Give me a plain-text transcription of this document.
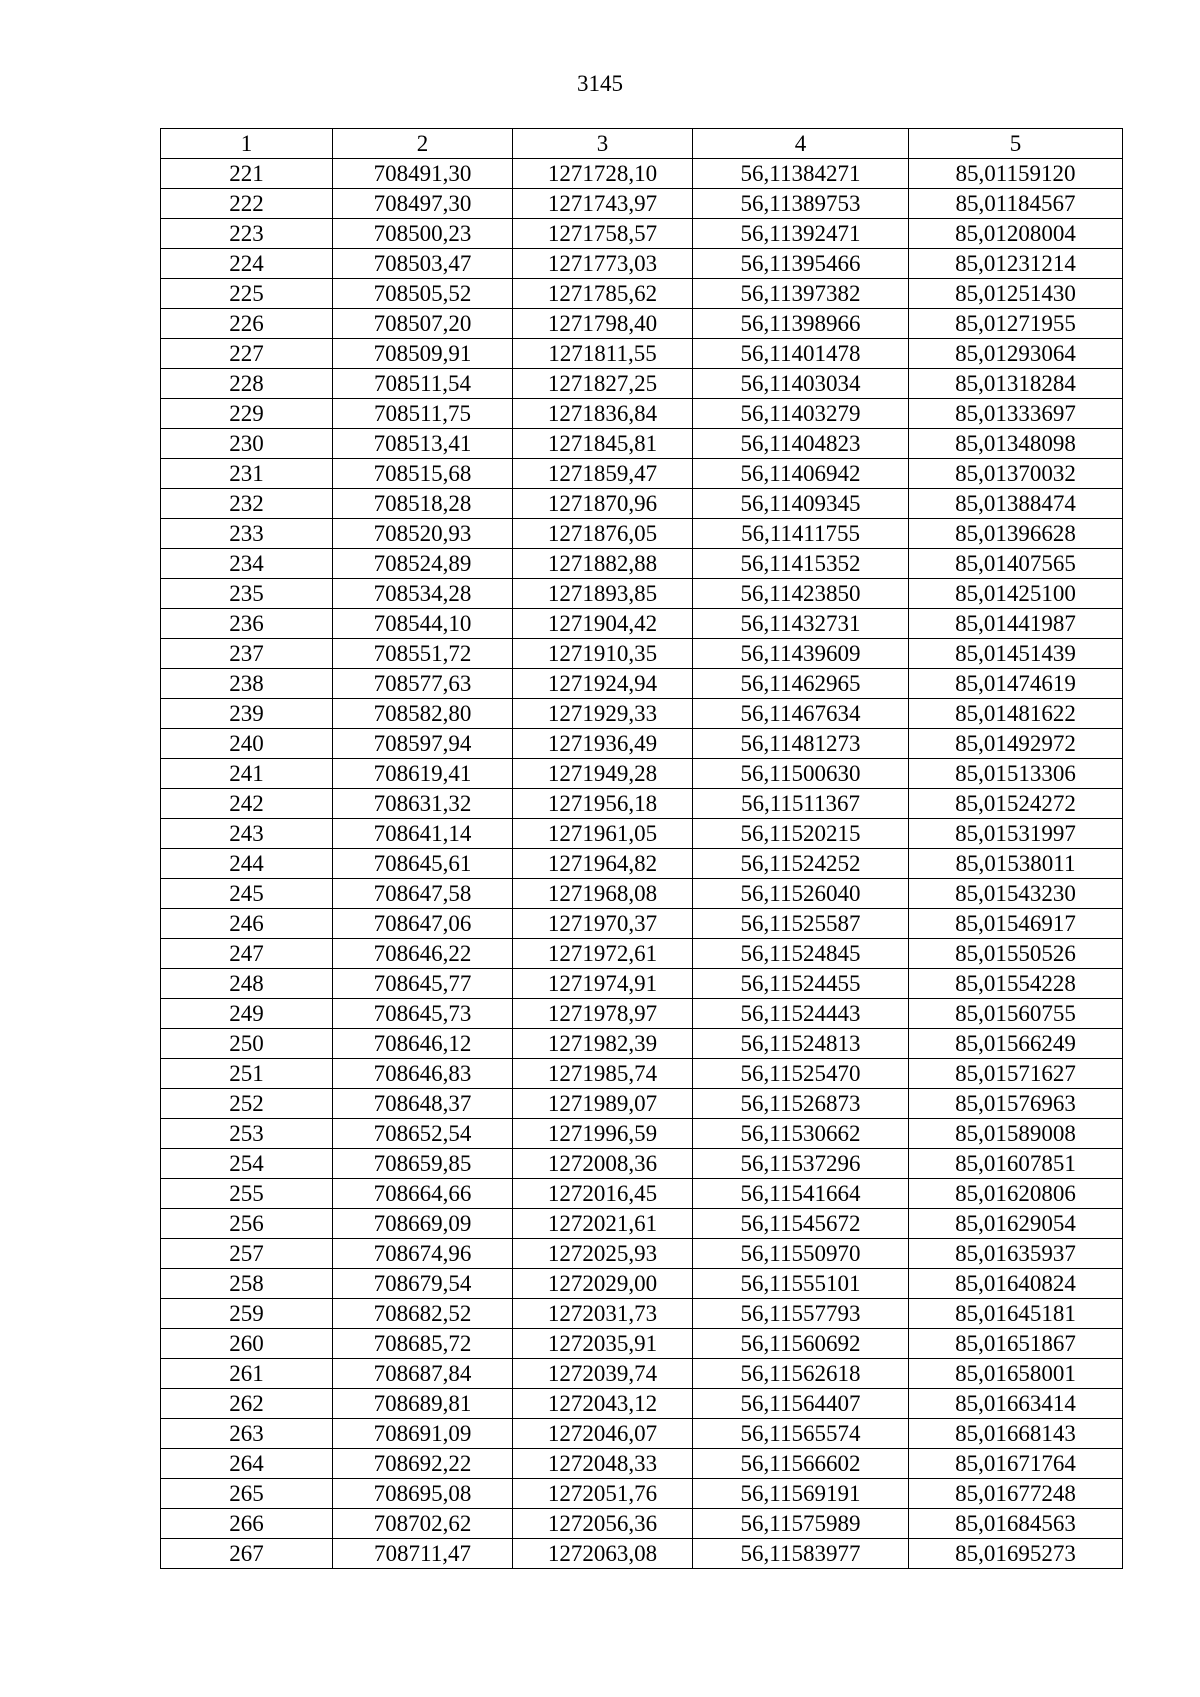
3145
1	2	3	4	5
221	708491,30	1271728,10	56,11384271	85,01159120
222	708497,30	1271743,97	56,11389753	85,01184567
223	708500,23	1271758,57	56,11392471	85,01208004
224	708503,47	1271773,03	56,11395466	85,01231214
225	708505,52	1271785,62	56,11397382	85,01251430
226	708507,20	1271798,40	56,11398966	85,01271955
227	708509,91	1271811,55	56,11401478	85,01293064
228	708511,54	1271827,25	56,11403034	85,01318284
229	708511,75	1271836,84	56,11403279	85,01333697
230	708513,41	1271845,81	56,11404823	85,01348098
231	708515,68	1271859,47	56,11406942	85,01370032
232	708518,28	1271870,96	56,11409345	85,01388474
233	708520,93	1271876,05	56,11411755	85,01396628
234	708524,89	1271882,88	56,11415352	85,01407565
235	708534,28	1271893,85	56,11423850	85,01425100
236	708544,10	1271904,42	56,11432731	85,01441987
237	708551,72	1271910,35	56,11439609	85,01451439
238	708577,63	1271924,94	56,11462965	85,01474619
239	708582,80	1271929,33	56,11467634	85,01481622
240	708597,94	1271936,49	56,11481273	85,01492972
241	708619,41	1271949,28	56,11500630	85,01513306
242	708631,32	1271956,18	56,11511367	85,01524272
243	708641,14	1271961,05	56,11520215	85,01531997
244	708645,61	1271964,82	56,11524252	85,01538011
245	708647,58	1271968,08	56,11526040	85,01543230
246	708647,06	1271970,37	56,11525587	85,01546917
247	708646,22	1271972,61	56,11524845	85,01550526
248	708645,77	1271974,91	56,11524455	85,01554228
249	708645,73	1271978,97	56,11524443	85,01560755
250	708646,12	1271982,39	56,11524813	85,01566249
251	708646,83	1271985,74	56,11525470	85,01571627
252	708648,37	1271989,07	56,11526873	85,01576963
253	708652,54	1271996,59	56,11530662	85,01589008
254	708659,85	1272008,36	56,11537296	85,01607851
255	708664,66	1272016,45	56,11541664	85,01620806
256	708669,09	1272021,61	56,11545672	85,01629054
257	708674,96	1272025,93	56,11550970	85,01635937
258	708679,54	1272029,00	56,11555101	85,01640824
259	708682,52	1272031,73	56,11557793	85,01645181
260	708685,72	1272035,91	56,11560692	85,01651867
261	708687,84	1272039,74	56,11562618	85,01658001
262	708689,81	1272043,12	56,11564407	85,01663414
263	708691,09	1272046,07	56,11565574	85,01668143
264	708692,22	1272048,33	56,11566602	85,01671764
265	708695,08	1272051,76	56,11569191	85,01677248
266	708702,62	1272056,36	56,11575989	85,01684563
267	708711,47	1272063,08	56,11583977	85,01695273
